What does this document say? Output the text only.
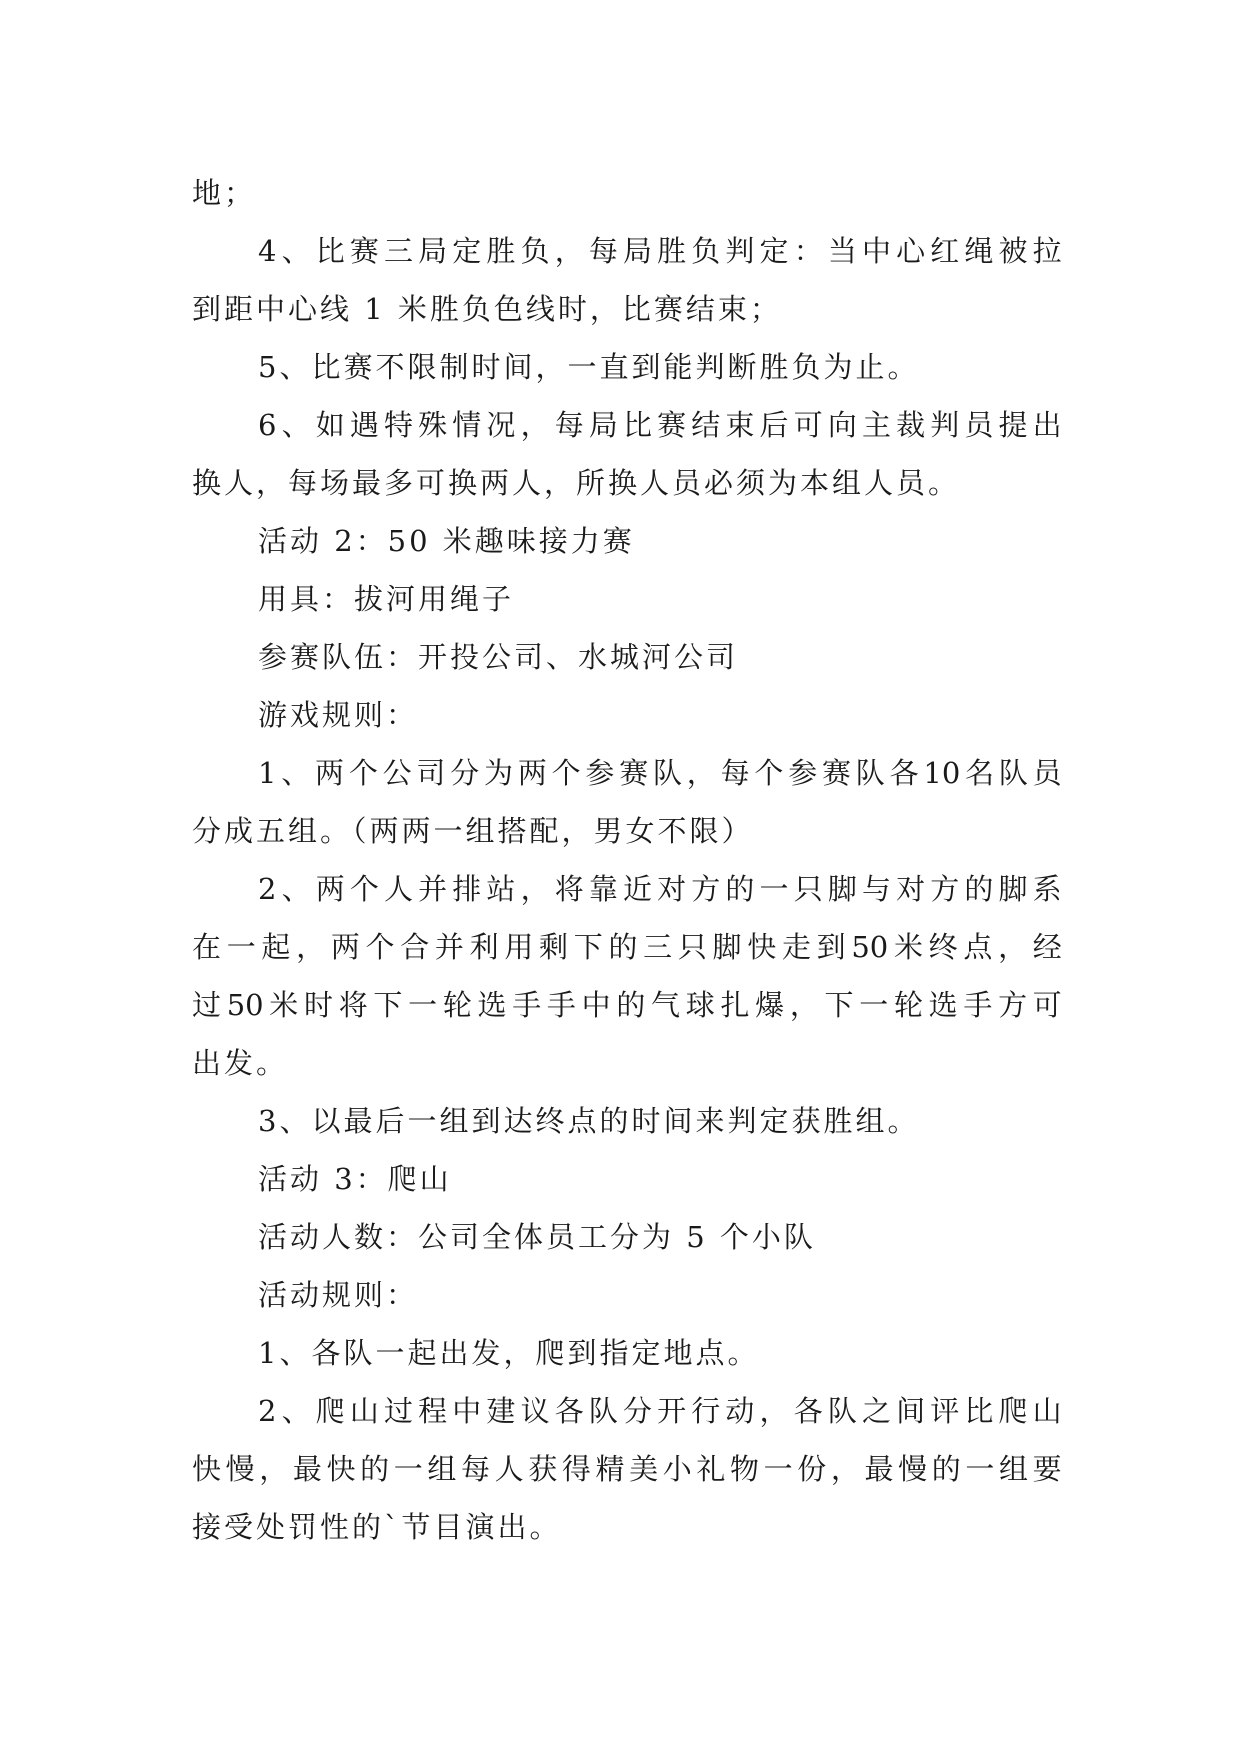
地；
4 、 比 赛 三 局 定 胜 负 ， 每 局 胜 负 判 定 ： 当 中 心 红 绳 被 拉
到距中心线 1 米胜负色线时，比赛结束；
5、比赛不限制时间，一直到能判断胜负为止。
6 、 如 遇 特 殊 情 况 ， 每 局 比 赛 结 束 后 可 向 主 裁 判 员 提 出
换人，每场最多可换两人，所换人员必须为本组人员。
活动 2：50 米趣味接力赛
用具：拔河用绳子
参赛队伍：开投公司、水城河公司
游戏规则：
1 、 两 个 公 司 分 为 两 个 参 赛 队 ， 每 个 参 赛 队 各 10 名 队 员
分成五组。（两两一组搭配，男女不限）
2 、 两 个 人 并 排 站 ， 将 靠 近 对 方 的 一 只 脚 与 对 方 的 脚 系
在 一 起 ， 两 个 合 并 利 用 剩 下 的 三 只 脚 快 走 到 50 米 终 点 ， 经
过 50 米 时 将 下 一 轮 选 手 手 中 的 气 球 扎 爆 ， 下 一 轮 选 手 方 可
出发。
3、以最后一组到达终点的时间来判定获胜组。
活动 3：爬山
活动人数：公司全体员工分为 5 个小队
活动规则：
1、各队一起出发，爬到指定地点。
2 、 爬 山 过 程 中 建 议 各 队 分 开 行 动 ， 各 队 之 间 评 比 爬 山
快 慢 ， 最 快 的 一 组 每 人 获 得 精 美 小 礼 物 一 份 ， 最 慢 的 一 组 要
接受处罚性的`节目演出。
